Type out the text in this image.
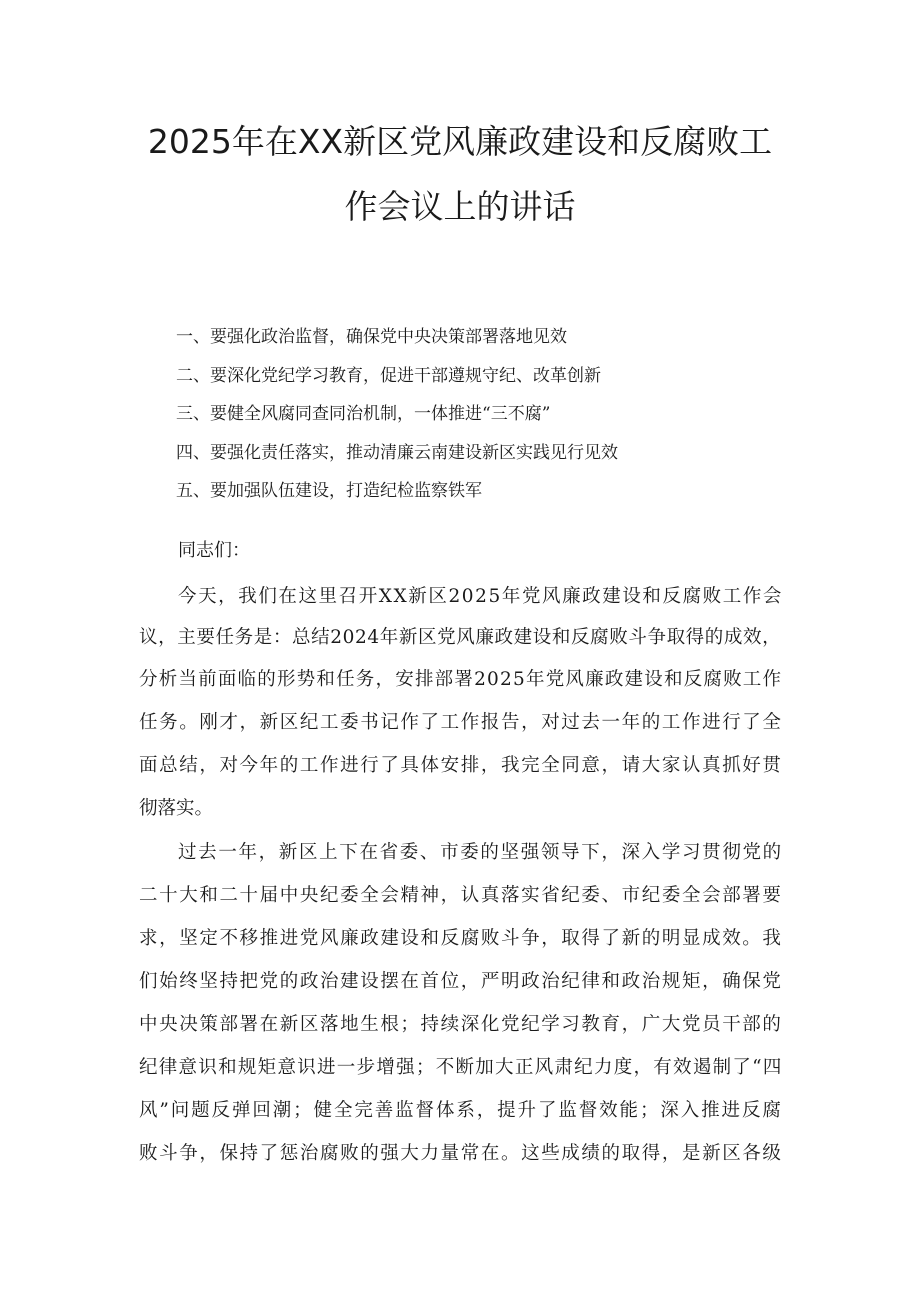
2025年在XX新区党风廉政建设和反腐败工
作会议上的讲话
一、要强化政治监督，确保党中央决策部署落地见效
二、要深化党纪学习教育，促进干部遵规守纪、改革创新
三、要健全风腐同查同治机制，一体推进“三不腐”
四、要强化责任落实，推动清廉云南建设新区实践见行见效
五、要加强队伍建设，打造纪检监察铁军

同志们：

今天，我们在这里召开XX新区2025年党风廉政建设和反腐败工作会

议，主要任务是：总结2024年新区党风廉政建设和反腐败斗争取得的成效，

分析当前面临的形势和任务，安排部署2025年党风廉政建设和反腐败工作

任务。刚才，新区纪工委书记作了工作报告，对过去一年的工作进行了全

面总结，对今年的工作进行了具体安排，我完全同意，请大家认真抓好贯

彻落实。

过去一年，新区上下在省委、市委的坚强领导下，深入学习贯彻党的

二十大和二十届中央纪委全会精神，认真落实省纪委、市纪委全会部署要

求，坚定不移推进党风廉政建设和反腐败斗争，取得了新的明显成效。我

们始终坚持把党的政治建设摆在首位，严明政治纪律和政治规矩，确保党

中央决策部署在新区落地生根；持续深化党纪学习教育，广大党员干部的

纪律意识和规矩意识进一步增强；不断加大正风肃纪力度，有效遏制了“四

风”问题反弹回潮；健全完善监督体系，提升了监督效能；深入推进反腐

败斗争，保持了惩治腐败的强大力量常在。这些成绩的取得，是新区各级
